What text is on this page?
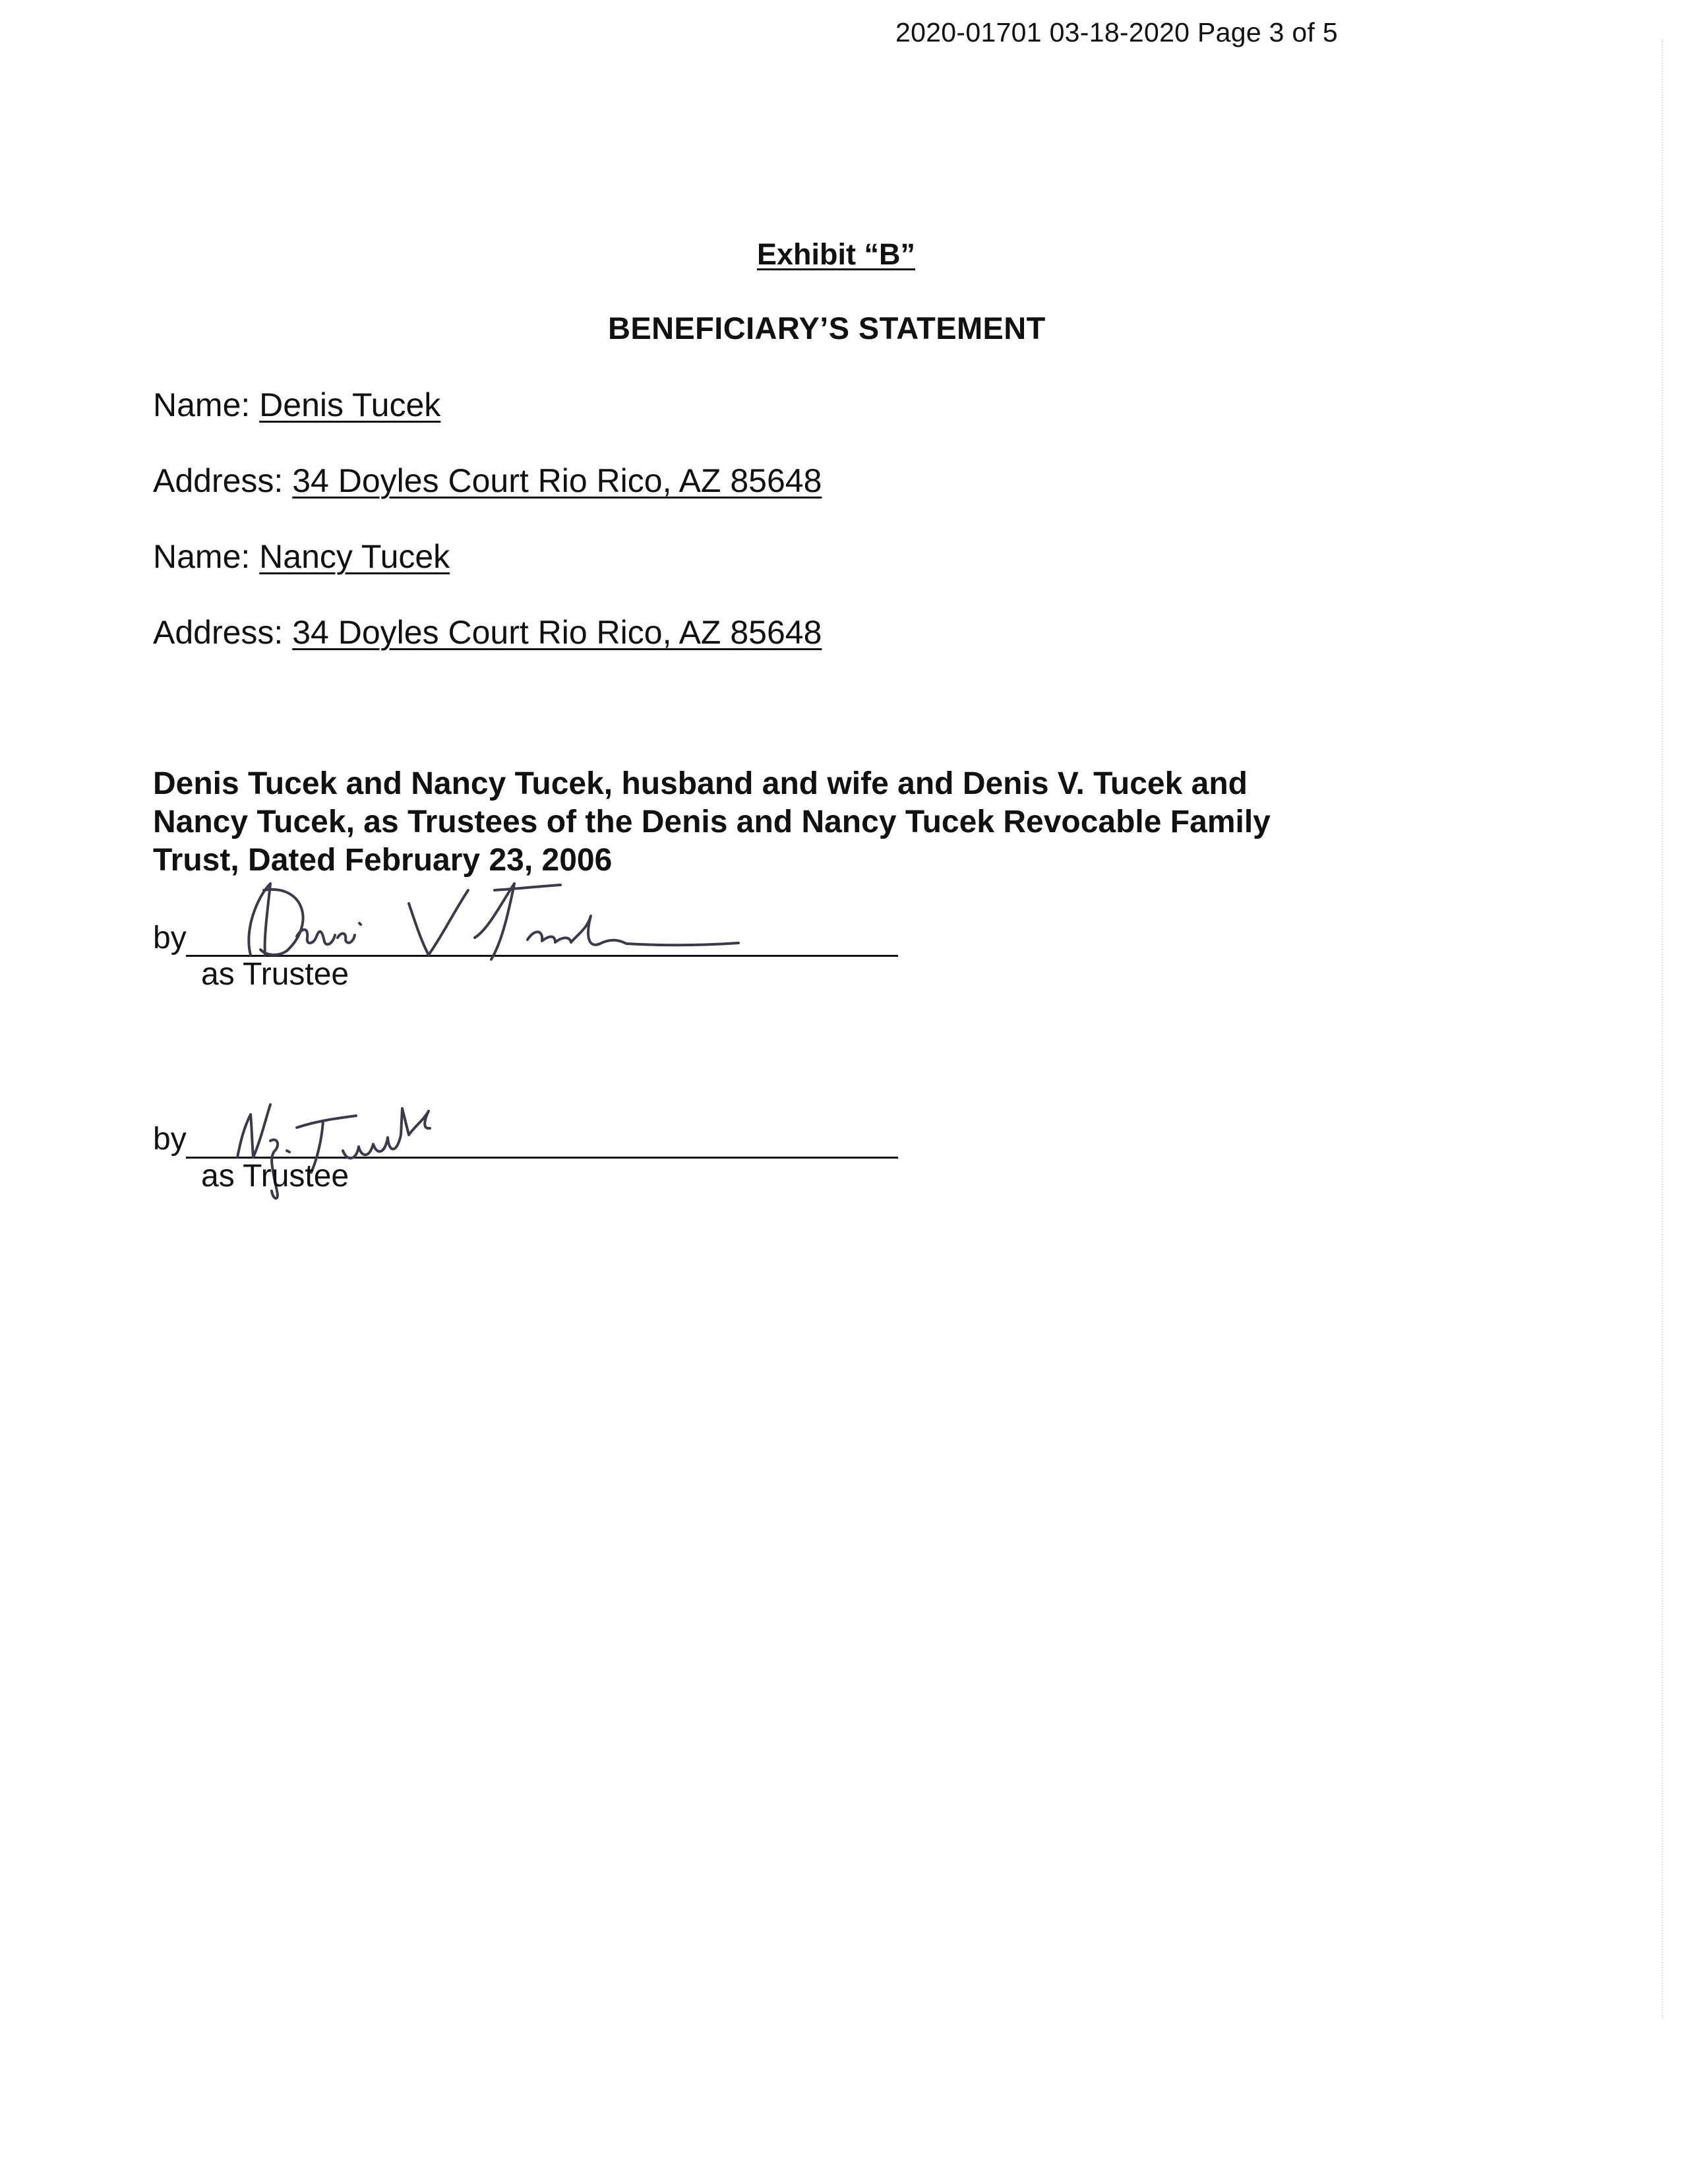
2020-01701 03-18-2020 Page 3 of 5
Exhibit “B”
BENEFICIARY’S STATEMENT
Name: Denis Tucek
Address: 34 Doyles Court Rio Rico, AZ 85648
Name: Nancy Tucek
Address: 34 Doyles Court Rio Rico, AZ 85648
Denis Tucek and Nancy Tucek, husband and wife and Denis V. Tucek and Nancy Tucek, as Trustees of the Denis and Nancy Tucek Revocable Family Trust, Dated February 23, 2006
by
as Trustee
by
as Trustee
